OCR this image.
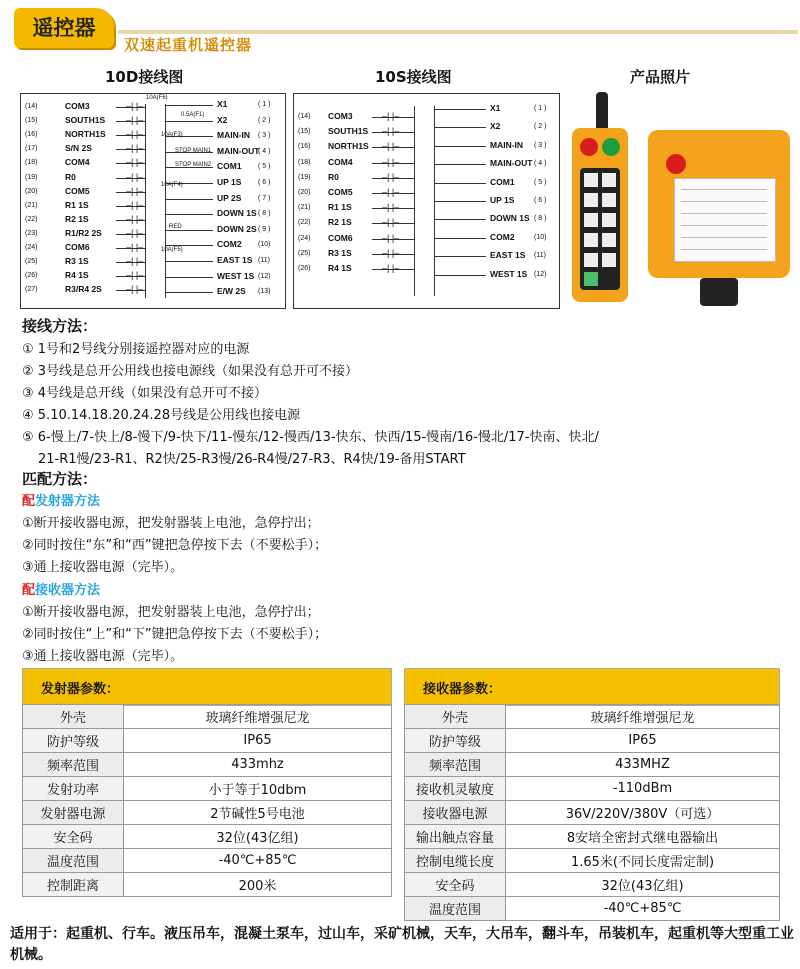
遥控器
双速起重机遥控器
10D接线图	10S接线图	产品照片
(14)	COM3	–| |–
(15)	SOUTH1S –| |–
(16)	NORTH1S –| |–
(17)	S/N 2S	–| |–
(18)	COM4	–| |–
(19)	R0	–| |–
(20)	COM5	–| |–
(21)	R1 1S	–| |–
(22)	R2 1S	–| |–
(23)	R1/R2 2S	–| |–
(24)	COM6	–| |–
(25)	R3 1S	–| |–
(26)	R4 1S	–| |–
(27)	R3/R4 2S	–| |–
X1	( 1 )
X2	( 2 )
MAIN-IN ( 3 )
MAIN-OUT
( 4 )
COM1 ( 5 )
UP 1S ( 6 )
UP 2S ( 7 )
DOWN 1S ( 8 )
DOWN 2S ( 9 )
COM2 (10)
EAST 1S (11)
WEST 1S (12)
E/W 2S (13)
10A(F6)
0.5A(F1)
10A(F3)
STOP MAIN1
STOP MAIN2
10A(F4)
RED
10A(F5)
(14) COM3	–| |–
(15) SOUTH1S –| |–
(16) NORTH1S –| |–
(18) COM4	–| |–
(19) R0	–| |–
(20) COM5	–| |–
(21) R1 1S	–| |–
(22) R2 1S	–| |–
(24) COM6	–| |–
(25) R3 1S	–| |–
(26) R4 1S	–| |–
X1	( 1 )
X2	( 2 )
MAIN-IN ( 3 )
MAIN-OUT ( 4 )
COM1	( 5 )
UP 1S	( 6 )
DOWN 1S ( 8 )
COM2	(10)
EAST 1S (11)
WEST 1S (12)
接线方法：
匹配方法：
配发射器方法
配接收器方法
发射器参数：
外壳	玻璃纤维增强尼龙
防护等级	IP65
频率范围	433mhz
发射功率	小于等于10dbm
发射器电源	2节碱性5号电池
安全码	32位(43亿组)
温度范围	-40℃+85℃
控制距离	200米
接收器参数：
外壳	玻璃纤维增强尼龙
防护等级	IP65
频率范围	433MHZ
接收机灵敏度	-110dBm
接收器电源	36V/220V/380V（可选）
输出触点容量	8安培全密封式继电器输出
控制电缆长度	1.65米(不同长度需定制)
安全码	32位(43亿组)
温度范围	-40℃+85℃
适用于：起重机、行车。液压吊车，混凝土泵车，过山车，采矿机械，天车，大吊车，翻斗车，吊装机车，起重机等大型重工业机械。
① 1号和2号线分别接遥控器对应的电源
② 3号线是总开公用线也接电源线（如果没有总开可不接）
③ 4号线是总开线（如果没有总开可不接）
④ 5.10.14.18.20.24.28号线是公用线也接电源
⑤ 6-慢上/7-快上/8-慢下/9-快下/11-慢东/12-慢西/13-快东、快西/15-慢南/16-慢北/17-快南、快北/
21-R1慢/23-R1、R2快/25-R3慢/26-R4慢/27-R3、R4快/19-备用START
①断开接收器电源，把发射器装上电池，急停拧出；
②同时按住“东”和“西”键把急停按下去（不要松手）；
③通上接收器电源（完毕）。
①断开接收器电源，把发射器装上电池，急停拧出；
②同时按住“上”和“下”键把急停按下去（不要松手）；
③通上接收器电源（完毕）。
